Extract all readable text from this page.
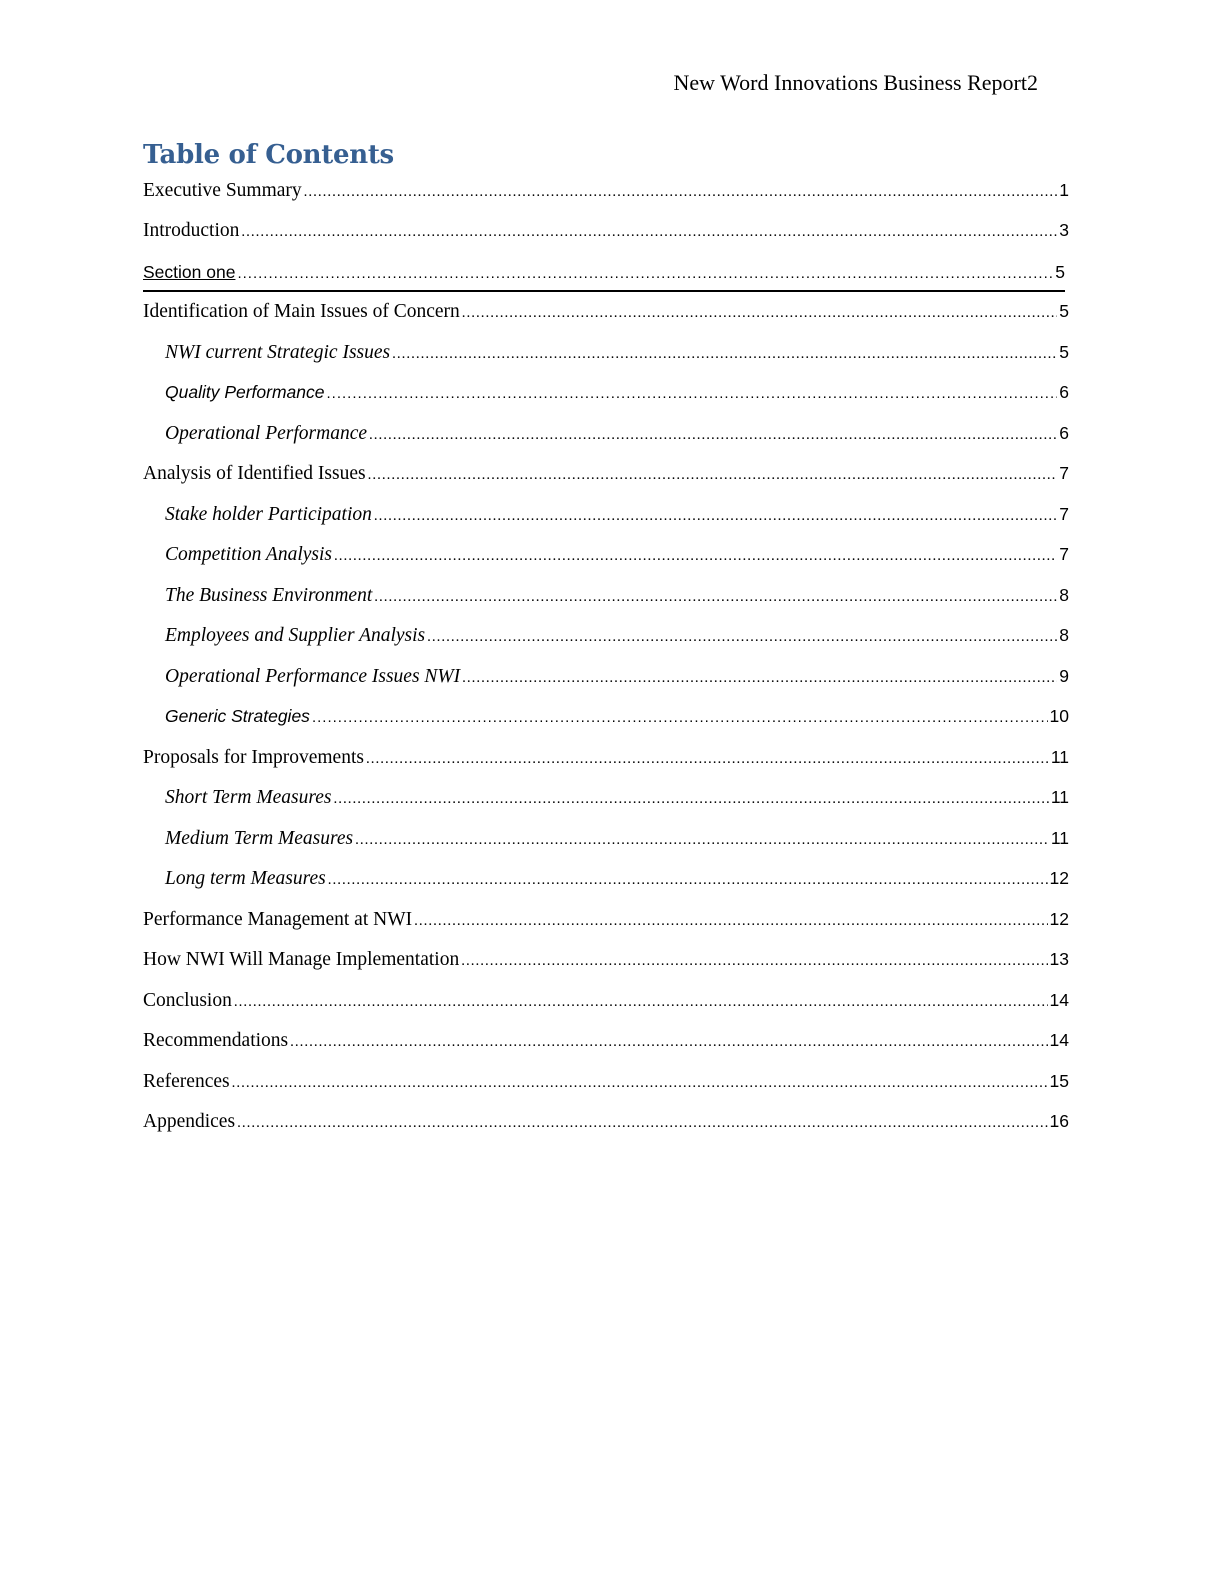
New Word Innovations Business Report2
Table of Contents
Executive Summary .....	1
Introduction .....	3
Section one .....	5
Identification of Main Issues of Concern .....	5
NWI current Strategic Issues .....	5
Quality Performance .....	6
Operational Performance .....	6
Analysis of Identified Issues .....	7
Stake holder Participation .....	7
Competition Analysis .....	7
The Business Environment .....	8
Employees and Supplier Analysis .....	8
Operational Performance Issues NWI .....	9
Generic Strategies .....	10
Proposals for Improvements .....	11
Short Term Measures .....	11
Medium Term Measures .....	11
Long term Measures .....	12
Performance Management at NWI .....	12
How NWI Will Manage Implementation .....	13
Conclusion .....	14
Recommendations .....	14
References .....	15
Appendices .....	16
